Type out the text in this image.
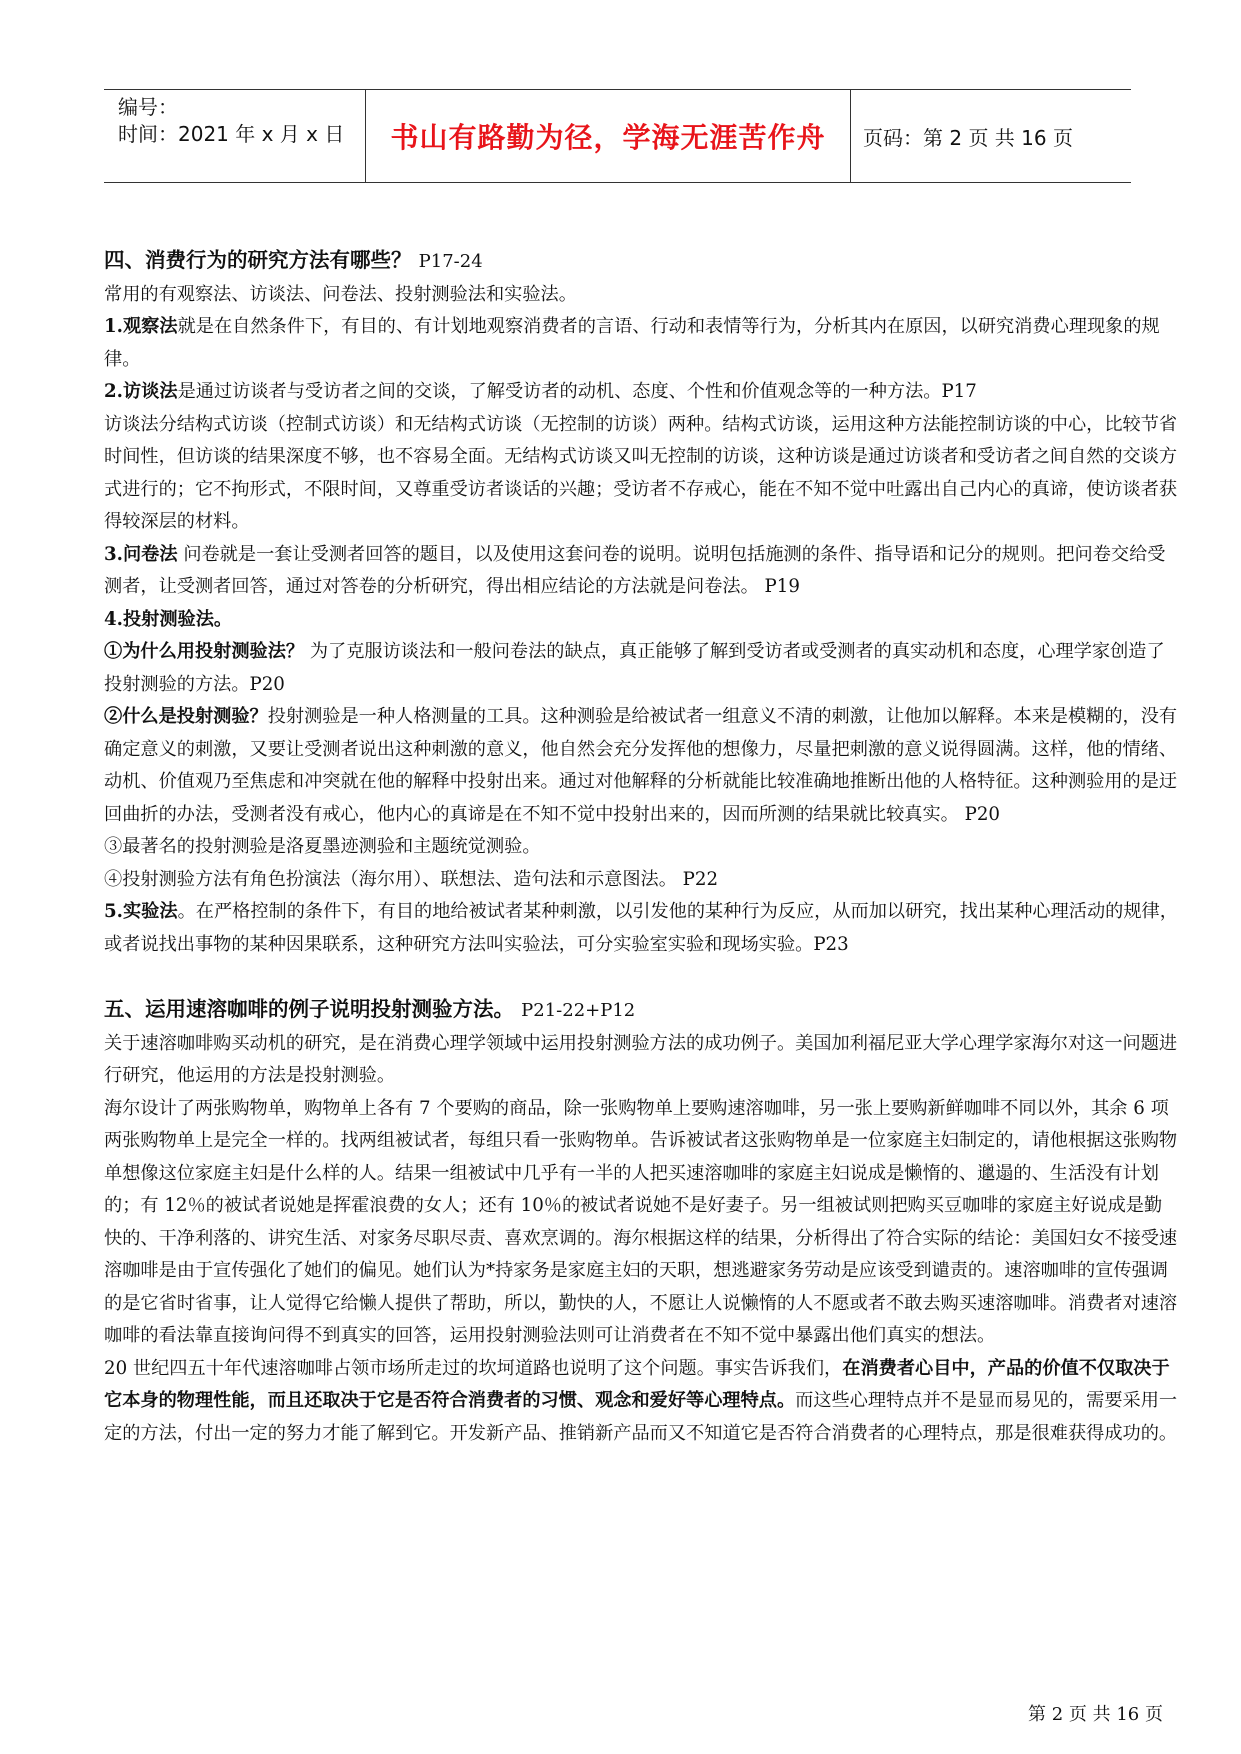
编号：
时间：2021 年 x 月 x 日	书山有路勤为径，学海无涯苦作舟	页码：第 2 页 共 16 页

四、消费行为的研究方法有哪些？ P17-24

常用的有观察法、访谈法、问卷法、投射测验法和实验法。

1.观察法就是在自然条件下，有目的、有计划地观察消费者的言语、行动和表情等行为，分析其内在原因，以研究消费心理现象的规律。

2.访谈法是通过访谈者与受访者之间的交谈，了解受访者的动机、态度、个性和价值观念等的一种方法。P17

访谈法分结构式访谈（控制式访谈）和无结构式访谈（无控制的访谈）两种。结构式访谈，运用这种方法能控制访谈的中心，比较节省时间性，但访谈的结果深度不够，也不容易全面。无结构式访谈又叫无控制的访谈，这种访谈是通过访谈者和受访者之间自然的交谈方式进行的；它不拘形式，不限时间，又尊重受访者谈话的兴趣；受访者不存戒心，能在不知不觉中吐露出自己内心的真谛，使访谈者获得较深层的材料。

3.问卷法 问卷就是一套让受测者回答的题目，以及使用这套问卷的说明。说明包括施测的条件、指导语和记分的规则。把问卷交给受测者，让受测者回答，通过对答卷的分析研究，得出相应结论的方法就是问卷法。 P19

4.投射测验法。

①为什么用投射测验法？ 为了克服访谈法和一般问卷法的缺点，真正能够了解到受访者或受测者的真实动机和态度，心理学家创造了投射测验的方法。P20

②什么是投射测验？投射测验是一种人格测量的工具。这种测验是给被试者一组意义不清的刺激，让他加以解释。本来是模糊的，没有确定意义的刺激，又要让受测者说出这种刺激的意义，他自然会充分发挥他的想像力，尽量把刺激的意义说得圆满。这样，他的情绪、动机、价值观乃至焦虑和冲突就在他的解释中投射出来。通过对他解释的分析就能比较准确地推断出他的人格特征。这种测验用的是迂回曲折的办法，受测者没有戒心，他内心的真谛是在不知不觉中投射出来的，因而所测的结果就比较真实。 P20

③最著名的投射测验是洛夏墨迹测验和主题统觉测验。

④投射测验方法有角色扮演法（海尔用）、联想法、造句法和示意图法。 P22

5.实验法。在严格控制的条件下，有目的地给被试者某种刺激，以引发他的某种行为反应，从而加以研究，找出某种心理活动的规律，或者说找出事物的某种因果联系，这种研究方法叫实验法，可分实验室实验和现场实验。P23

五、运用速溶咖啡的例子说明投射测验方法。 P21-22+P12

关于速溶咖啡购买动机的研究，是在消费心理学领域中运用投射测验方法的成功例子。美国加利福尼亚大学心理学家海尔对这一问题进行研究，他运用的方法是投射测验。

海尔设计了两张购物单，购物单上各有 7 个要购的商品，除一张购物单上要购速溶咖啡，另一张上要购新鲜咖啡不同以外，其余 6 项两张购物单上是完全一样的。找两组被试者，每组只看一张购物单。告诉被试者这张购物单是一位家庭主妇制定的，请他根据这张购物单想像这位家庭主妇是什么样的人。结果一组被试中几乎有一半的人把买速溶咖啡的家庭主妇说成是懒惰的、邋遢的、生活没有计划的；有 12％的被试者说她是挥霍浪费的女人；还有 10％的被试者说她不是好妻子。另一组被试则把购买豆咖啡的家庭主好说成是勤快的、干净利落的、讲究生活、对家务尽职尽责、喜欢烹调的。海尔根据这样的结果，分析得出了符合实际的结论：美国妇女不接受速溶咖啡是由于宣传强化了她们的偏见。她们认为*持家务是家庭主妇的天职，想逃避家务劳动是应该受到谴责的。速溶咖啡的宣传强调的是它省时省事，让人觉得它给懒人提供了帮助，所以，勤快的人，不愿让人说懒惰的人不愿或者不敢去购买速溶咖啡。消费者对速溶咖啡的看法靠直接询问得不到真实的回答，运用投射测验法则可让消费者在不知不觉中暴露出他们真实的想法。

20 世纪四五十年代速溶咖啡占领市场所走过的坎坷道路也说明了这个问题。事实告诉我们，在消费者心目中，产品的价值不仅取决于它本身的物理性能，而且还取决于它是否符合消费者的习惯、观念和爱好等心理特点。而这些心理特点并不是显而易见的，需要采用一定的方法，付出一定的努力才能了解到它。开发新产品、推销新产品而又不知道它是否符合消费者的心理特点，那是很难获得成功的。

第 2 页 共 16 页
